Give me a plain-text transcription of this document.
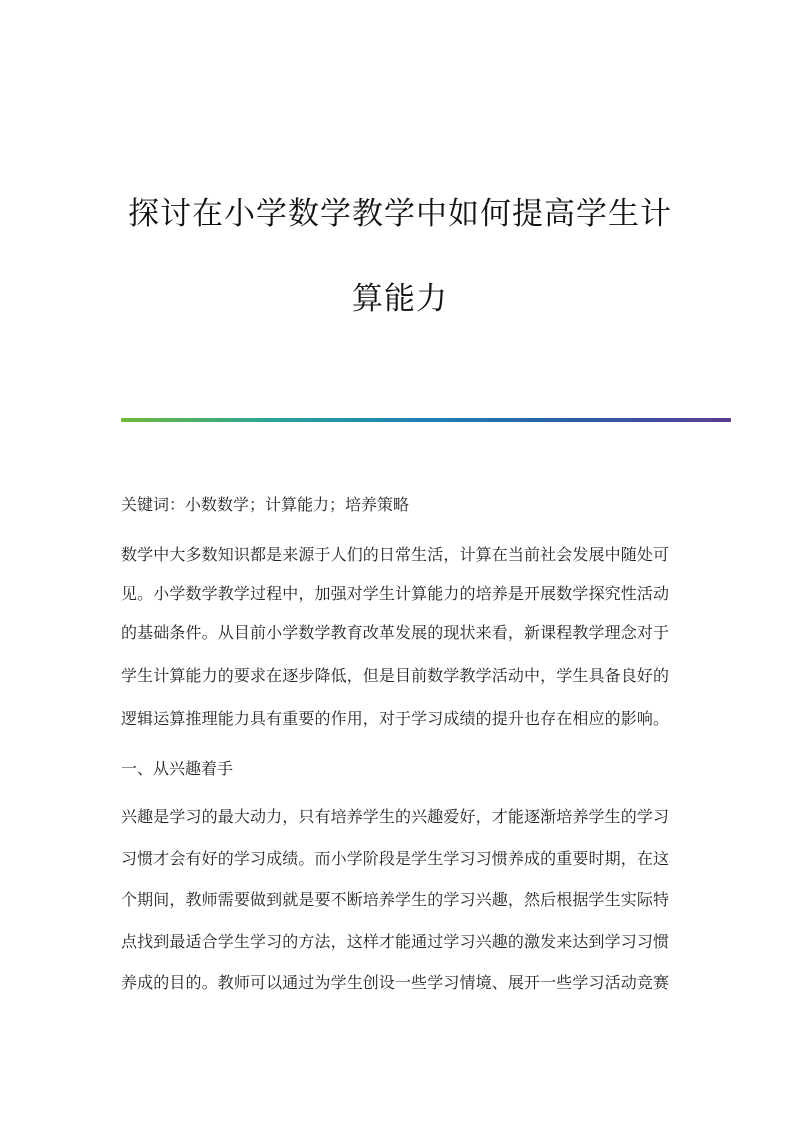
探讨在小学数学教学中如何提高学生计
算能力

关键词：小数数学；计算能力；培养策略

数学中大多数知识都是来源于人们的日常生活，计算在当前社会发展中随处可

见。小学数学教学过程中，加强对学生计算能力的培养是开展数学探究性活动

的基础条件。从目前小学数学教育改革发展的现状来看，新课程教学理念对于

学生计算能力的要求在逐步降低，但是目前数学教学活动中，学生具备良好的

逻辑运算推理能力具有重要的作用，对于学习成绩的提升也存在相应的影响。

一、从兴趣着手

兴趣是学习的最大动力，只有培养学生的兴趣爱好，才能逐渐培养学生的学习

习惯才会有好的学习成绩。而小学阶段是学生学习习惯养成的重要时期，在这

个期间，教师需要做到就是要不断培养学生的学习兴趣，然后根据学生实际特

点找到最适合学生学习的方法，这样才能通过学习兴趣的激发来达到学习习惯

养成的目的。教师可以通过为学生创设一些学习情境、展开一些学习活动竞赛
